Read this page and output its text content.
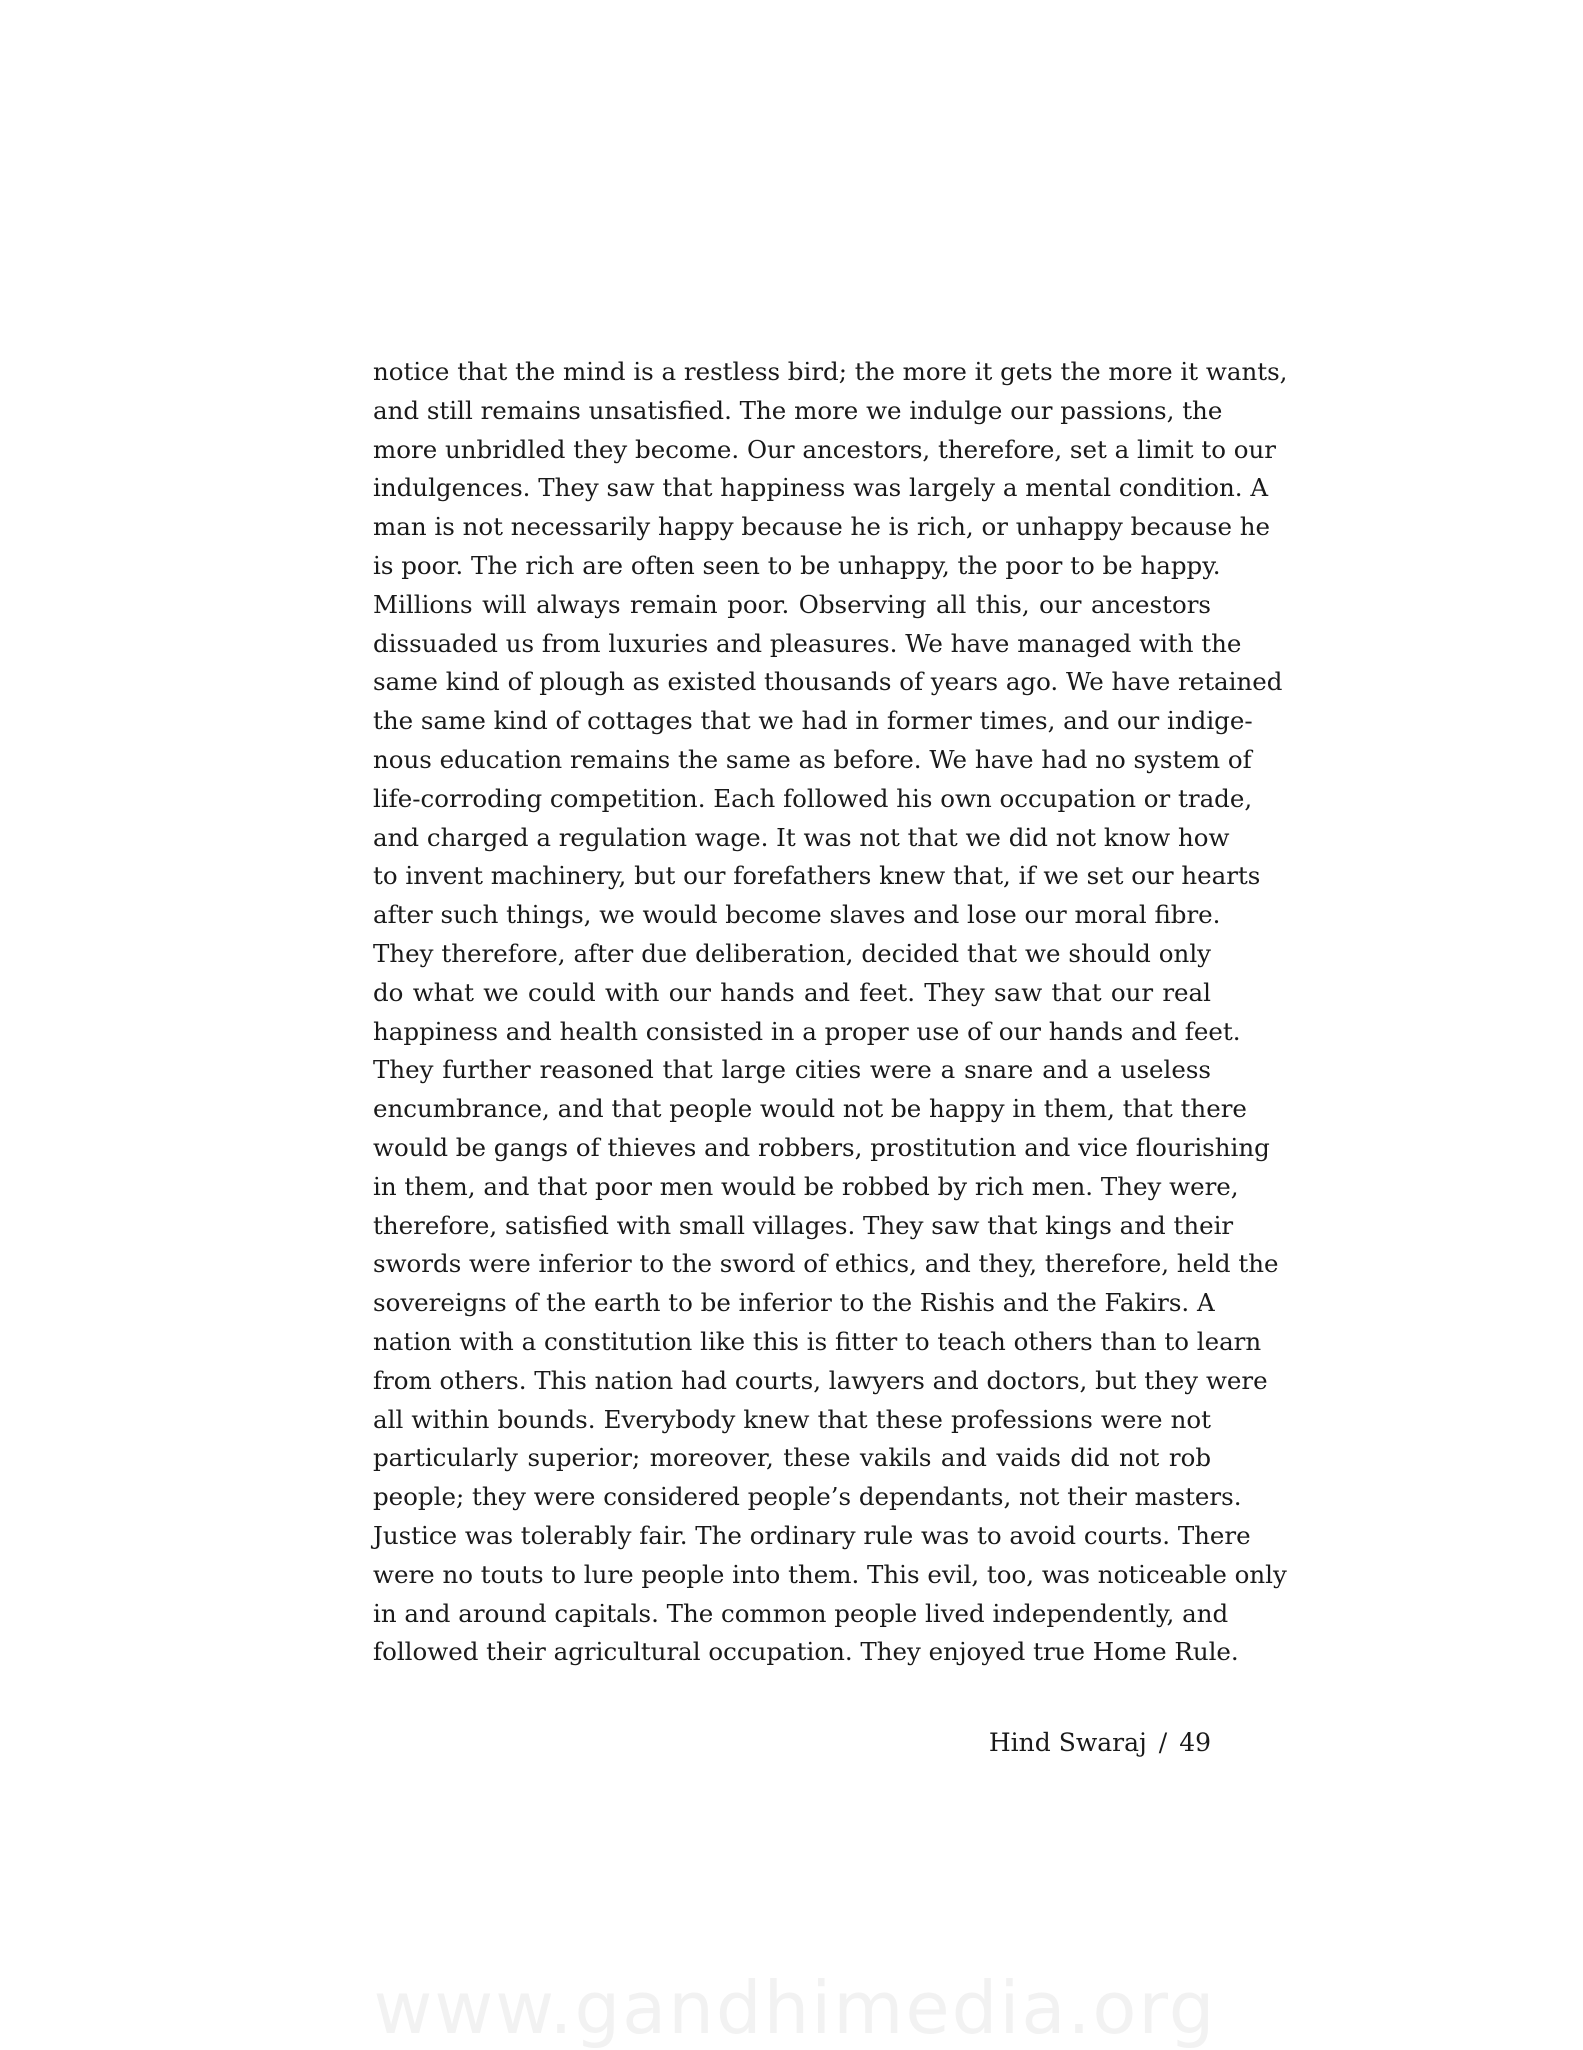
notice that the mind is a restless bird; the more it gets the more it wants,
and still remains unsatisfied. The more we indulge our passions, the
more unbridled they become. Our ancestors, therefore, set a limit to our
indulgences. They saw that happiness was largely a mental condition. A
man is not necessarily happy because he is rich, or unhappy because he
is poor. The rich are often seen to be unhappy, the poor to be happy.
Millions will always remain poor. Observing all this, our ancestors
dissuaded us from luxuries and pleasures. We have managed with the
same kind of plough as existed thousands of years ago. We have retained
the same kind of cottages that we had in former times, and our indige-
nous education remains the same as before. We have had no system of
life-corroding competition. Each followed his own occupation or trade,
and charged a regulation wage. It was not that we did not know how
to invent machinery, but our forefathers knew that, if we set our hearts
after such things, we would become slaves and lose our moral fibre.
They therefore, after due deliberation, decided that we should only
do what we could with our hands and feet. They saw that our real
happiness and health consisted in a proper use of our hands and feet.
They further reasoned that large cities were a snare and a useless
encumbrance, and that people would not be happy in them, that there
would be gangs of thieves and robbers, prostitution and vice flourishing
in them, and that poor men would be robbed by rich men. They were,
therefore, satisfied with small villages. They saw that kings and their
swords were inferior to the sword of ethics, and they, therefore, held the
sovereigns of the earth to be inferior to the Rishis and the Fakirs. A
nation with a constitution like this is fitter to teach others than to learn
from others. This nation had courts, lawyers and doctors, but they were
all within bounds. Everybody knew that these professions were not
particularly superior; moreover, these vakils and vaids did not rob
people; they were considered people’s dependants, not their masters.
Justice was tolerably fair. The ordinary rule was to avoid courts. There
were no touts to lure people into them. This evil, too, was noticeable only
in and around capitals. The common people lived independently, and
followed their agricultural occupation. They enjoyed true Home Rule.
Hind Swaraj / 49
www.gandhimedia.org
